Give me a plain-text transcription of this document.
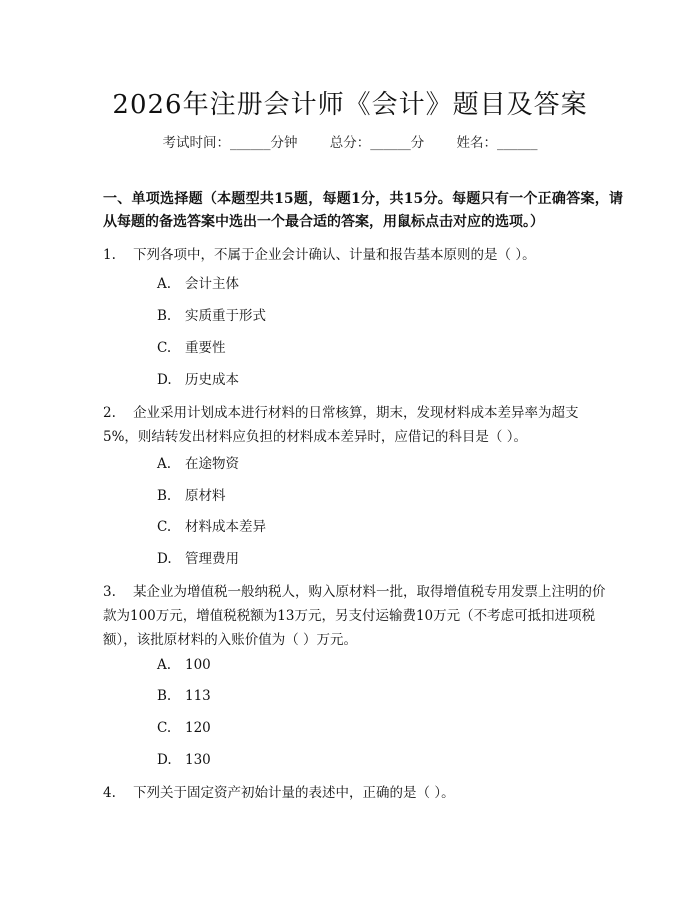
2026年注册会计师《会计》题目及答案
考试时间：______分钟 总分：______分 姓名：______
一、单项选择题（本题型共15题，每题1分，共15分。每题只有一个正确答案，请从每题的备选答案中选出一个最合适的答案，用鼠标点击对应的选项。）
1. 下列各项中，不属于企业会计确认、计量和报告基本原则的是（ ）。
A. 会计主体
B. 实质重于形式
C. 重要性
D. 历史成本
2. 企业采用计划成本进行材料的日常核算，期末，发现材料成本差异率为超支5%，则结转发出材料应负担的材料成本差异时，应借记的科目是（ ）。
A. 在途物资
B. 原材料
C. 材料成本差异
D. 管理费用
3. 某企业为增值税一般纳税人，购入原材料一批，取得增值税专用发票上注明的价款为100万元，增值税税额为13万元，另支付运输费10万元（不考虑可抵扣进项税额），该批原材料的入账价值为（ ）万元。
A. 100
B. 113
C. 120
D. 130
4. 下列关于固定资产初始计量的表述中，正确的是（ ）。
